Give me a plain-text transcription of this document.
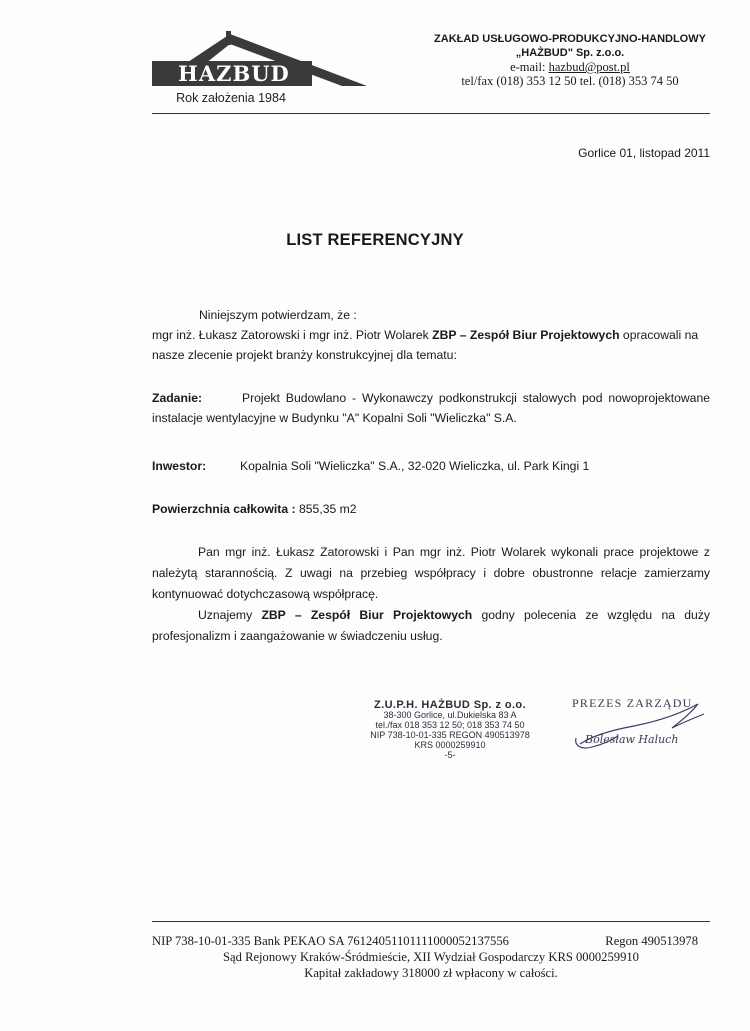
HAZBUD
Rok założenia 1984
ZAKŁAD USŁUGOWO-PRODUKCYJNO-HANDLOWY
„HAŻBUD" Sp. z.o.o.
e-mail: hazbud@post.pl
tel/fax (018) 353 12 50 tel. (018) 353 74 50
Gorlice 01, listopad 2011
LIST REFERENCYJNY
Niniejszym potwierdzam, że :
mgr inż. Łukasz Zatorowski i mgr inż. Piotr Wolarek ZBP – Zespół Biur Projektowych opracowali na nasze zlecenie projekt branży konstrukcyjnej dla tematu:
Zadanie:	Projekt Budowlano - Wykonawczy podkonstrukcji stalowych pod nowoprojektowane instalacje wentylacyjne w Budynku "A" Kopalni Soli "Wieliczka" S.A.
Inwestor:	Kopalnia Soli "Wieliczka" S.A., 32-020 Wieliczka, ul. Park Kingi 1
Powierzchnia całkowita : 855,35 m2
Pan mgr inż. Łukasz Zatorowski i Pan mgr inż. Piotr Wolarek wykonali prace projektowe z należytą starannością. Z uwagi na przebieg współpracy i dobre obustronne relacje zamierzamy kontynuować dotychczasową współpracę.
Uznajemy ZBP – Zespół Biur Projektowych godny polecenia ze względu na duży profesjonalizm i zaangażowanie w świadczeniu usług.
Z.U.P.H. HAŻBUD Sp. z o.o.
38-300 Gorlice, ul.Dukielska 83 A
tel./fax 018 353 12 50; 018 353 74 50
NIP 738-10-01-335 REGON 490513978
KRS 0000259910
-5-
PREZES ZARZĄDU
Bolesław Haluch
NIP 738-10-01-335 Bank PEKAO SA 76124051101111000052137556	Regon 490513978
Sąd Rejonowy Kraków-Śródmieście, XII Wydział Gospodarczy KRS 0000259910
Kapitał zakładowy 318000 zł wpłacony w całości.
